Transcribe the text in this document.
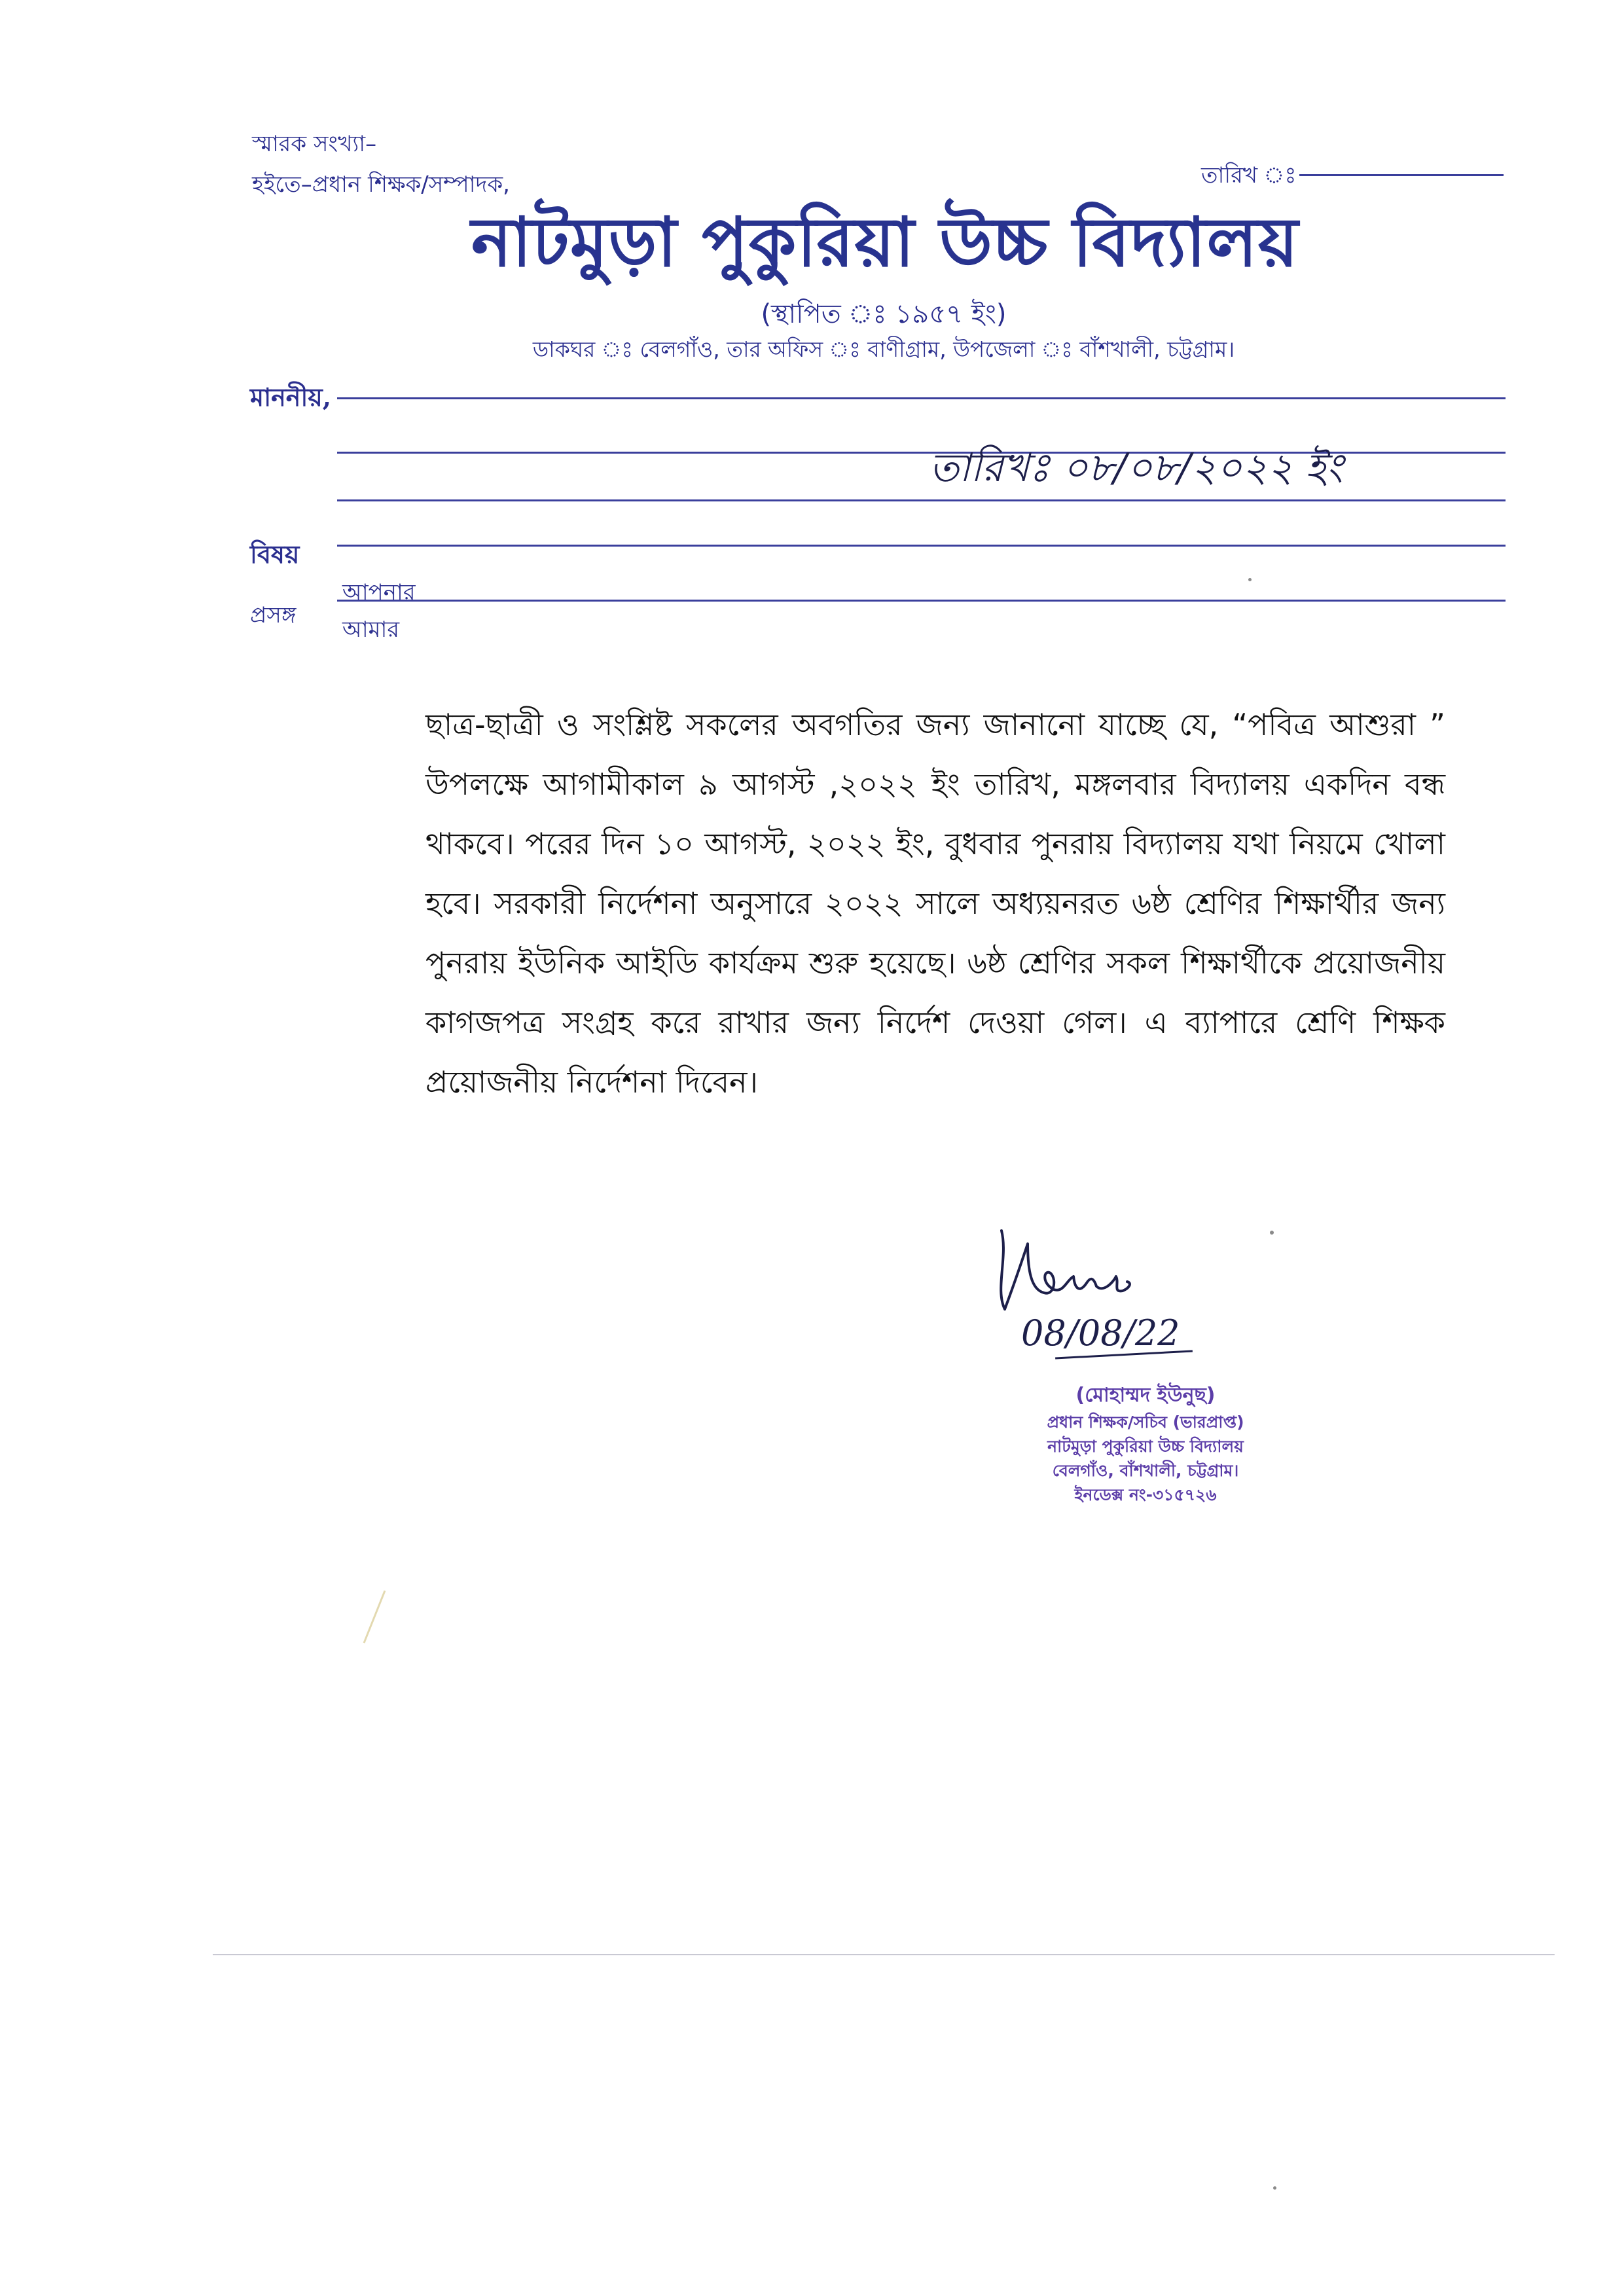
স্মারক সংখ্যা–
হইতে–প্রধান শিক্ষক/সম্পাদক,	তারিখ ঃ
নাটমুড়া পুকুরিয়া উচ্চ বিদ্যালয়
(স্থাপিত ঃ ১৯৫৭ ইং)
ডাকঘর ঃ বেলগাঁও, তার অফিস ঃ বাণীগ্রাম, উপজেলা ঃ বাঁশখালী, চট্টগ্রাম।
মাননীয়,
তারিখঃ ০৮/০৮/২০২২ ইং
বিষয়
প্রসঙ্গ
আপনার
আমার

ছাত্র-ছাত্রী ও সংশ্লিষ্ট সকলের অবগতির জন্য জানানো যাচ্ছে যে, “পবিত্র আশুরা ” উপলক্ষে আগামীকাল ৯ আগস্ট ,২০২২ ইং তারিখ, মঙ্গলবার বিদ্যালয় একদিন বন্ধ থাকবে। পরের দিন ১০ আগস্ট, ২০২২ ইং, বুধবার পুনরায় বিদ্যালয় যথা নিয়মে খোলা হবে। সরকারী নির্দেশনা অনুসারে ২০২২ সালে অধ্যয়নরত ৬ষ্ঠ শ্রেণির শিক্ষার্থীর জন্য পুনরায় ইউনিক আইডি কার্যক্রম শুরু হয়েছে। ৬ষ্ঠ শ্রেণির সকল শিক্ষার্থীকে প্রয়োজনীয় কাগজপত্র সংগ্রহ করে রাখার জন্য নির্দেশ দেওয়া গেল। এ ব্যাপারে শ্রেণি শিক্ষক প্রয়োজনীয় নির্দেশনা দিবেন।

08/08/22
(মোহাম্মদ ইউনুছ)
প্রধান শিক্ষক/সচিব (ভারপ্রাপ্ত)
নাটমুড়া পুকুরিয়া উচ্চ বিদ্যালয়
বেলগাঁও, বাঁশখালী, চট্টগ্রাম।
ইনডেক্স নং-৩১৫৭২৬
